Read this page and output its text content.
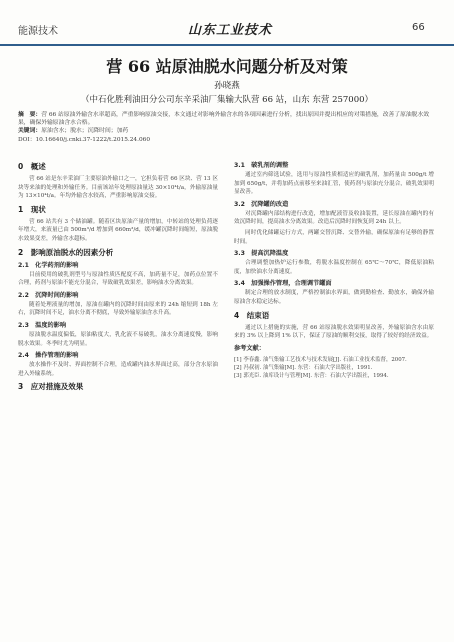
能源技术	山东工业技术	66
营 66 站原油脱水问题分析及对策
孙晓燕
（中石化胜利油田分公司东辛采油厂集输大队营 66 站，山东 东营 257000）

摘　要：营 66 站原油外输含水率超高，严重影响原油交接，本文通过对影响外输含水的各项因素进行分析，找出原因并提出相应的对策措施，改善了原油脱水效果，确保外输原油含水合格。

关键词：原油含水；脱水；沉降时间；加药

DOI：10.16640/j.cnki.37-1222/t.2015.24.060

0　概述

营 66 站是东辛采油厂主要原油外输口之一，它担负着营 66 区块、营 13 区块等来油的处理和外输任务。目前该站年处理原油量达 30×10⁴t/a，外输原油量为 13×10⁴t/a。年均外输含水较高，严重影响原油交接。

1　现状

营 66 站共有 3 个储油罐。随着区块原油产量的增加，中转站的处理负荷逐年增大，来液量已由 500m³/d 增加到 660m³/d，缓冲罐沉降时间缩短，原油脱水效果变差，外输含水超标。

2　影响原油脱水的因素分析
2.1　化学药剂的影响

目前使用的破乳剂型号与原油性质匹配度不高，加药量不足，加药点位置不合理，药剂与原油不能充分混合，导致破乳效果差，影响油水分离效果。

2.2　沉降时间的影响

随着处理液量的增加，原油在罐内的沉降时间由原来的 24h 缩短到 18h 左右，沉降时间不足，油水分离不彻底，导致外输原油含水升高。

2.3　温度的影响

原油脱水温度偏低，原油粘度大，乳化液不易破乳，油水分离速度慢，影响脱水效果。冬季时尤为明显。

2.4　操作管理的影响

放水操作不及时、界面控制不合理，造成罐内油水界面过高，部分含水原油进入外输系统。

3　应对措施及效果
3.1　破乳剂的调整

通过室内筛选试验，选用与原油性质相适应的破乳剂，加药量由 500g/t 增加到 650g/t，并将加药点前移至来油汇管，使药剂与原油充分混合，破乳效果明显改善。

3.2　沉降罐的改造

对沉降罐内部结构进行改造，增加配液管及收油装置，延长原油在罐内的有效沉降时间，提高油水分离效果。改造后沉降时间恢复到 24h 以上。

同时优化储罐运行方式，两罐交替沉降、交替外输，确保原油有足够的静置时间。

3.3　提高沉降温度

合理调整加热炉运行参数，将脱水温度控制在 65℃～70℃，降低原油粘度，加快油水分离速度。

3.4　加强操作管理，合理调节罐面

制定合理的放水制度，严格控制油水界面，做到勤检查、勤放水，确保外输原油含水稳定达标。

4　结束语

通过以上措施的实施，营 66 站原油脱水效果明显改善，外输原油含水由原来的 3% 以上降到 1% 以下，保证了原油的顺利交接，取得了较好的经济效益。

参考文献：
[1] 李春鑫. 油气集输工艺技术与技术发展[J]. 石油工业技术监督，2007.
[2] 冯叔初. 油气集输[M]. 东营：石油大学出版社，1991.
[3] 郭光臣. 油库设计与管理[M]. 东营：石油大学出版社，1994.
